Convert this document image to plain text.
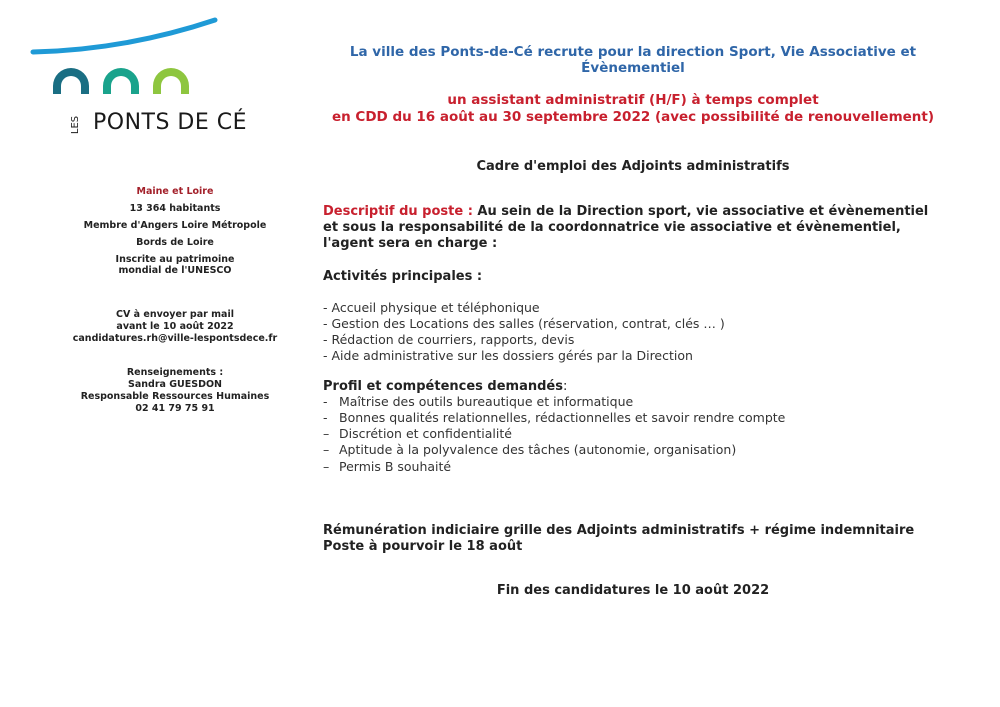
LES PONTS DE CÉ

Maine et Loire

13 364 habitants

Membre d'Angers Loire Métropole

Bords de Loire

Inscrite au patrimoine
mondial de l'UNESCO

CV à envoyer par mail
avant le 10 août 2022
candidatures.rh@ville-lespontsdece.fr

Renseignements :
Sandra GUESDON
Responsable Ressources Humaines
02 41 79 75 91

La ville des Ponts-de-Cé recrute pour la direction Sport, Vie Associative et Évènementiel

un assistant administratif (H/F) à temps complet
en CDD du 16 août au 30 septembre 2022 (avec possibilité de renouvellement)

Cadre d'emploi des Adjoints administratifs

Descriptif du poste : Au sein de la Direction sport, vie associative et évènementiel et sous la responsabilité de la coordonnatrice vie associative et évènementiel, l'agent sera en charge :

Activités principales :

- Accueil physique et téléphonique
- Gestion des Locations des salles (réservation, contrat, clés … )
- Rédaction de courriers, rapports, devis
- Aide administrative sur les dossiers gérés par la Direction

Profil et compétences demandés:

- Maîtrise des outils bureautique et informatique
- Bonnes qualités relationnelles, rédactionnelles et savoir rendre compte
– Discrétion et confidentialité
– Aptitude à la polyvalence des tâches (autonomie, organisation)
– Permis B souhaité

Rémunération indiciaire grille des Adjoints administratifs + régime indemnitaire
Poste à pourvoir le 18 août

Fin des candidatures le 10 août 2022
